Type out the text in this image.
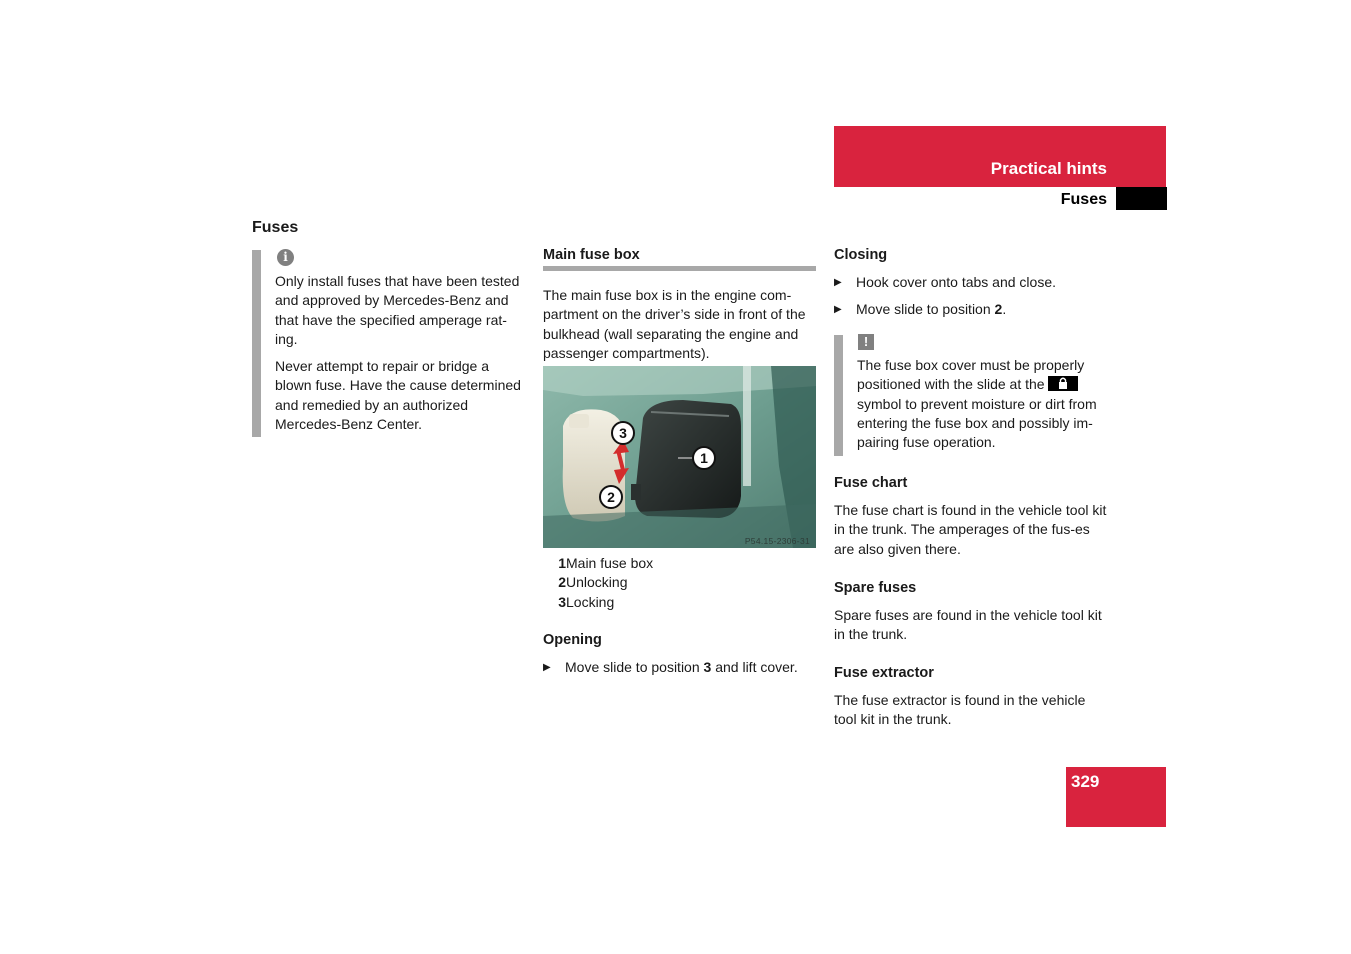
Practical hints
Fuses
Fuses
i

Only install fuses that have been tested and approved by Mercedes-Benz and that have the specified amperage rat-ing.

Never attempt to repair or bridge a blown fuse. Have the cause determined and remedied by an authorized Mercedes-Benz Center.

Main fuse box

The main fuse box is in the engine com-partment on the driver’s side in front of the bulkhead (wall separating the engine and passenger compartments).

1
2
3
P54.15-2306-31
1 Main fuse box
2 Unlocking
3 Locking
Opening
▶	Move slide to position 3 and lift cover.
Closing
▶	Hook cover onto tabs and close.
▶	Move slide to position 2.
!
The fuse box cover must be properly positioned with the slide at the
symbol to prevent moisture or dirt from entering the fuse box and possibly im-pairing fuse operation.
Fuse chart

The fuse chart is found in the vehicle tool kit in the trunk. The amperages of the fus-es are also given there.

Spare fuses

Spare fuses are found in the vehicle tool kit in the trunk.

Fuse extractor

The fuse extractor is found in the vehicle tool kit in the trunk.

329
